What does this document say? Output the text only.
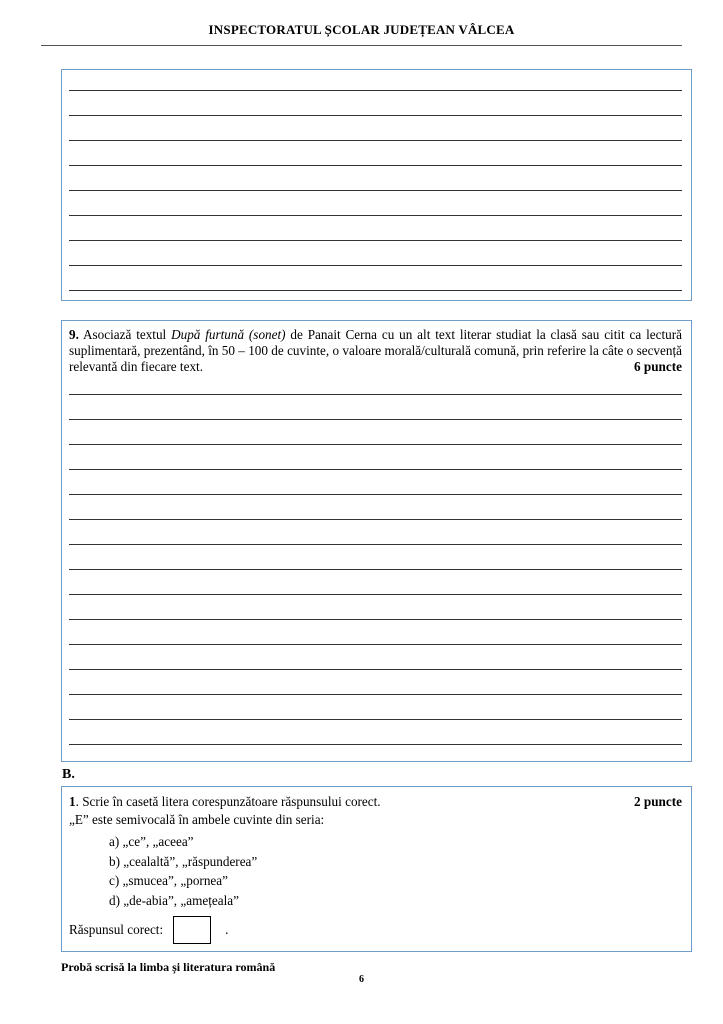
INSPECTORATUL ȘCOLAR JUDEȚEAN VÂLCEA
9. Asociază textul După furtună (sonet) de Panait Cerna cu un alt text literar studiat la clasă sau citit ca lectură suplimentară, prezentând, în 50 – 100 de cuvinte, o valoare morală/culturală comună, prin referire la câte o secvență relevantă din fiecare text.	6 puncte
B.
1. Scrie în casetă litera corespunzătoare răspunsului corect.	2 puncte
„E” este semivocală în ambele cuvinte din seria:
a) „ce”, „aceea”
b) „cealaltă”, „răspunderea”
c) „smucea”, „pornea”
d) „de-abia”, „amețeala”
Răspunsul corect:	.
Probă scrisă la limba și literatura română
6
